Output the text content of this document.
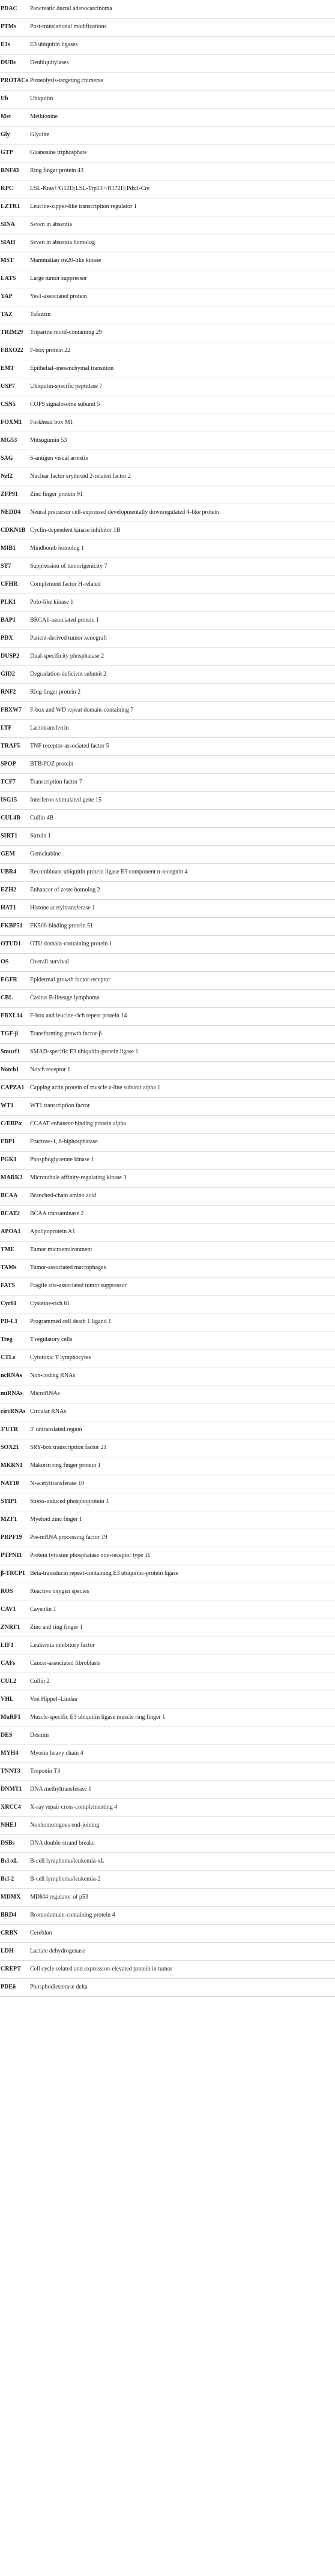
PDAC	Pancreatic ductal adenocarcinoma
PTMs	Post-translational modifications
E3s	E3 ubiquitin ligases
DUBs	Deubiquitylases
PROTACs Proteolysis-targeting chimeras
Ub	Ubiquitin
Met	Methionine
Gly	Glycine
GTP	Guanosine triphosphate
RNF43	Ring finger protein 43
KPC	LSL-Kras+/G12D;LSL-Trp53+/R172H;Pdx1-Cre
LZTR1	Leucine-zipper-like transcription regulator 1
SINA	Seven in absentia
SIAH	Seven in absentia homolog
MST	Mammalian ste20-like kinase
LATS	Large tumor suppressor
YAP	Yes1-associated protein
TAZ	Tafazzin
TRIM29	Tripartite motif-containing 29
FBXO22	F-box protein 22
EMT	Epithelial–mesenchymal transition
USP7	Ubiquitin-specific peptidase 7
CSN5	COP9 signalosome subunit 5
FOXM1	Forkhead box M1
MG53	Mitsugumin 53
SAG	S-antigen visual arrestin
Nrf2	Nuclear factor erythroid 2-related factor 2
ZFP91	Zinc finger protein 91
NEDD4	Neural precursor cell-expressed developmentally downregulated 4-like protein
CDKN1B Cyclin-dependent kinase inhibitor 1B
MIB1	Mindbomb homolog 1
ST7	Suppression of tumorigenicity 7
CFHR	Complement factor H-related
PLK1	Polo-like kinase 1
BAP1	BRCA1-associated protein 1
PDX	Patient-derived tumor xenograft
DUSP2	Dual-specificity phosphatase 2
GID2	Degradation-deficient subunit 2
RNF2	Ring finger protein 2
FBXW7	F-box and WD repeat domain-containing 7
LTF	Lactotransferrin
TRAF5	TNF receptor-associated factor 5
SPOP	BTB/POZ protein
TCF7	Transcription factor 7
ISG15	Interferon-stimulated gene 15
CUL4B	Cullin 4B
SIRT1	Sirtuin 1
GEM	Gemcitabine
UBR4	Recombinant ubiquitin protein ligase E3 component n-recognin 4
EZH2	Enhancer of zeste homolog 2
HAT1	Histone acetyltransferase 1
FKBP51	FK506-binding protein 51
OTUD1	OTU domain-containing protein 1
OS	Overall survival
EGFR	Epidermal growth factor receptor
CBL	Casitas B-lineage lymphoma
FBXL14	F-box and leucine-rich repeat protein 14
TGF-β	Transforming growth factor-β
Smurf1	SMAD-specific E3 ubiquitin-protein ligase 1
Notch1	Notch receptor 1
CAPZA1 Capping actin protein of muscle z-line subunit alpha 1
WT1	WT1 transcription factor
C/EBPα	CCAAT enhancer-binding protein alpha
FBP1	Fructose-1, 6-biphosphatase
PGK1	Phosphoglycerate kinase 1
MARK3	Microtubule affinity-regulating kinase 3
BCAA	Branched-chain amino acid
BCAT2	BCAA transaminase 2
APOA1	Apolipoprotein A1
TME	Tumor microenvironment
TAMs	Tumor-associated macrophages
FATS	Fragile site-associated tumor suppressor
Cyr61	Cysteine-rich 61
PD-L1	Programmed cell death 1 ligand 1
Treg	T regulatory cells
CTLs	Cytotoxic T lymphocytes
ncRNAs	Non-coding RNAs
miRNAs	MicroRNAs
circRNAs Circular RNAs
3′UTR	3′ untranslated region
SOX21	SRY-box transcription factor 21
MKRN1	Makorin ring finger protein 1
NAT10	N-acetyltransferase 10
STIP1	Stress-induced phosphoprotein 1
MZF1	Myeloid zinc finger 1
PRPF19	Pre-mRNA processing factor 19
PTPN11	Protein tyrosine phosphatase non-receptor type 11
β-TRCP1 Beta-transducin repeat-containing E3 ubiquitin–protein ligase
ROS	Reactive oxygen species
CAV1	Caveolin 1
ZNRF1	Zinc and ring finger 1
LIF1	Leukemia inhibitory factor
CAFs	Cancer-associated fibroblasts
CUL2	Cullin 2
VHL	Von Hippel–Lindau
MuRF1	Muscle-specific E3 ubiquitin ligase muscle ring finger 1
DES	Desmin
MYH4	Myosin heavy chain 4
TNNT3	Troponin T3
DNMT1	DNA methyltransferase 1
XRCC4	X-ray repair cross-complementing 4
NHEJ	Nonhomologous end-joining
DSBs	DNA double-strand breaks
Bcl-xL	B-cell lymphoma/leukemia-xL
Bcl-2	B-cell lymphoma/leukemia-2
MDMX	MDM4 regulator of p53
BRD4	Bromodomain-containing protein 4
CRBN	Cereblon
LDH	Lactate dehydrogenase
CREPT	Cell cycle-related and expression-elevated protein in tumor
PDEδ	Phosphodiesterase delta
